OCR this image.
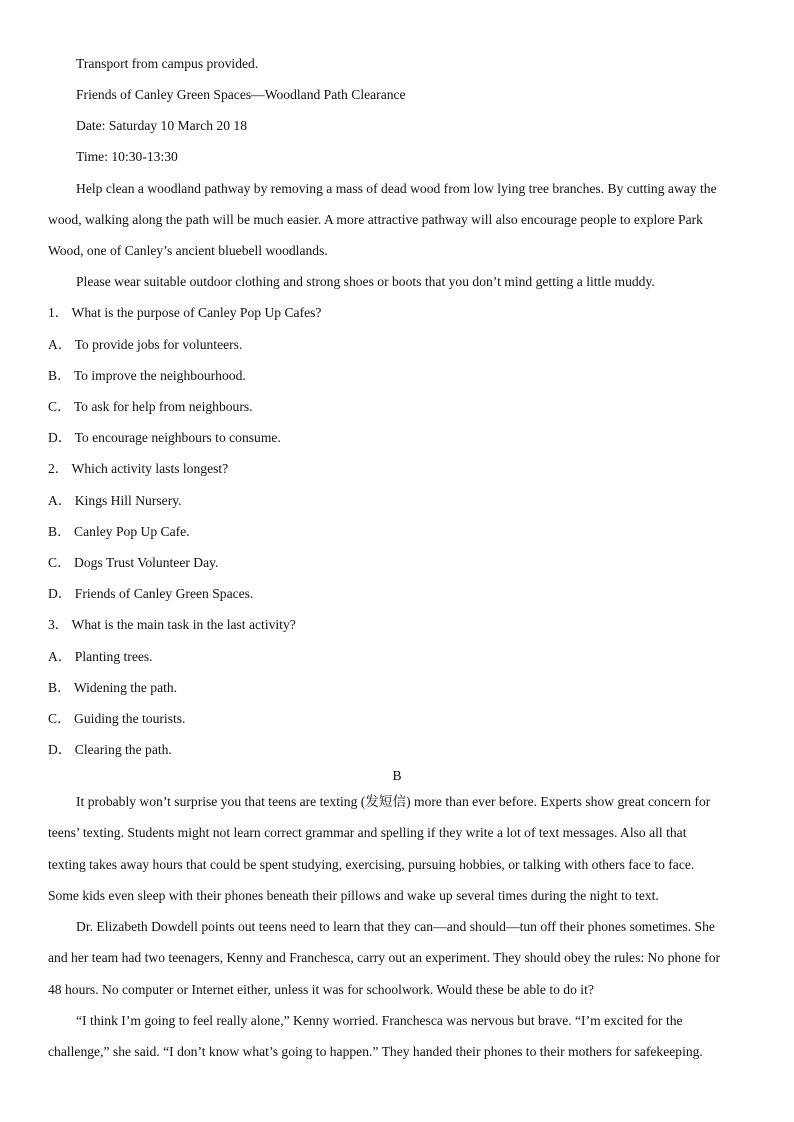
Transport from campus provided.
Friends of Canley Green Spaces—Woodland Path Clearance
Date: Saturday 10 March 20 18
Time: 10:30-13:30
Help clean a woodland pathway by removing a mass of dead wood from low lying tree branches. By cutting away the
wood, walking along the path will be much easier. A more attractive pathway will also encourage people to explore Park
Wood, one of Canley’s ancient bluebell woodlands.
Please wear suitable outdoor clothing and strong shoes or boots that you don’t mind getting a little muddy.
1． What is the purpose of Canley Pop Up Cafes?
A． To provide jobs for volunteers.
B． To improve the neighbourhood.
C． To ask for help from neighbours.
D． To encourage neighbours to consume.
2． Which activity lasts longest?
A． Kings Hill Nursery.
B． Canley Pop Up Cafe.
C． Dogs Trust Volunteer Day.
D． Friends of Canley Green Spaces.
3． What is the main task in the last activity?
A． Planting trees.
B． Widening the path.
C． Guiding the tourists.
D． Clearing the path.
B
It probably won’t surprise you that teens are texting (发短信) more than ever before. Experts show great concern for
teens’ texting. Students might not learn correct grammar and spelling if they write a lot of text messages. Also all that
texting takes away hours that could be spent studying, exercising, pursuing hobbies, or talking with others face to face.
Some kids even sleep with their phones beneath their pillows and wake up several times during the night to text.
Dr. Elizabeth Dowdell points out teens need to learn that they can—and should—tun off their phones sometimes. She
and her team had two teenagers, Kenny and Franchesca, carry out an experiment. They should obey the rules: No phone for
48 hours. No computer or Internet either, unless it was for schoolwork. Would these be able to do it?
“I think I’m going to feel really alone,” Kenny worried. Franchesca was nervous but brave. “I’m excited for the
challenge,” she said. “I don’t know what’s going to happen.” They handed their phones to their mothers for safekeeping.
